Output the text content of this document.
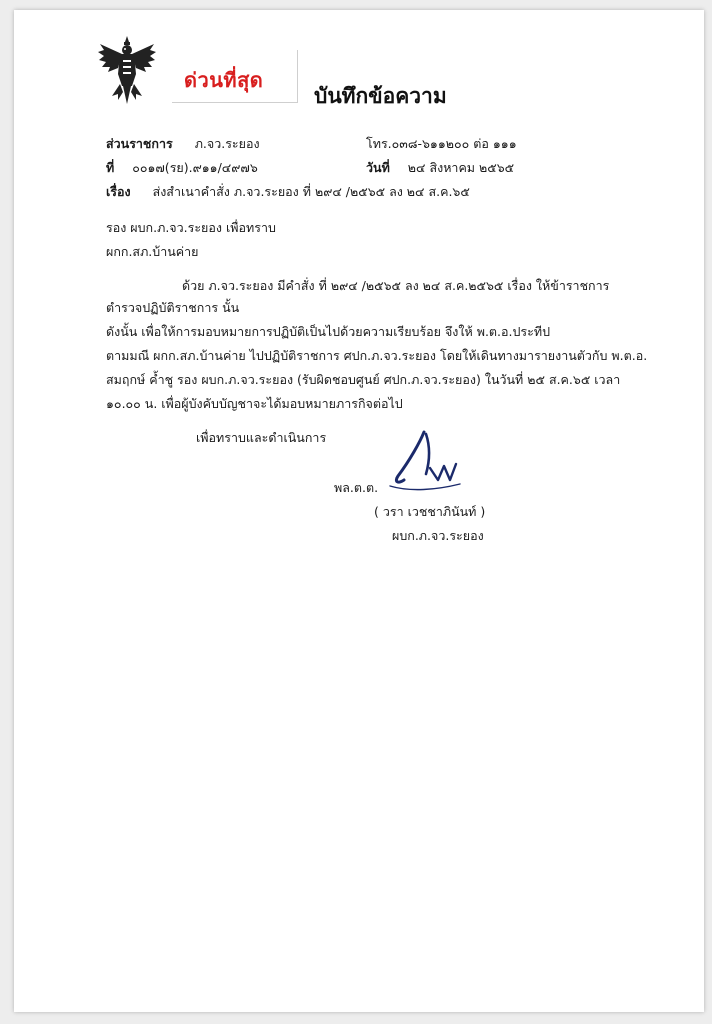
ด่วนที่สุด
บันทึกข้อความ
ส่วนราชการ ภ.จว.ระยอง	โทร.๐๓๘-๖๑๑๒๐๐ ต่อ ๑๑๑
ที่ ๐๐๑๗(รย).๙๑๑/๔๙๗๖	วันที่ ๒๔ สิงหาคม ๒๕๖๕
เรื่อง ส่งสำเนาคำสั่ง ภ.จว.ระยอง ที่ ๒๙๔ /๒๕๖๕ ลง ๒๔ ส.ค.๖๕
รอง ผบก.ภ.จว.ระยอง เพื่อทราบ
ผกก.สภ.บ้านค่าย
ด้วย ภ.จว.ระยอง มีคำสั่ง ที่ ๒๙๔ /๒๕๖๕ ลง ๒๔ ส.ค.๒๕๖๕ เรื่อง ให้ข้าราชการ
ตำรวจปฏิบัติราชการ นั้น
ดังนั้น เพื่อให้การมอบหมายการปฏิบัติเป็นไปด้วยความเรียบร้อย จึงให้ พ.ต.อ.ประทีป
ตามมณี ผกก.สภ.บ้านค่าย ไปปฏิบัติราชการ ศปก.ภ.จว.ระยอง โดยให้เดินทางมารายงานตัวกับ พ.ต.อ.
สมฤกษ์ ค้ำชู รอง ผบก.ภ.จว.ระยอง (รับผิดชอบศูนย์ ศปก.ภ.จว.ระยอง) ในวันที่ ๒๕ ส.ค.๖๕ เวลา
๑๐.๐๐ น. เพื่อผู้บังคับบัญชาจะได้มอบหมายภารกิจต่อไป
เพื่อทราบและดำเนินการ
พล.ต.ต.
( วรา เวชชาภินันท์ )
ผบก.ภ.จว.ระยอง
